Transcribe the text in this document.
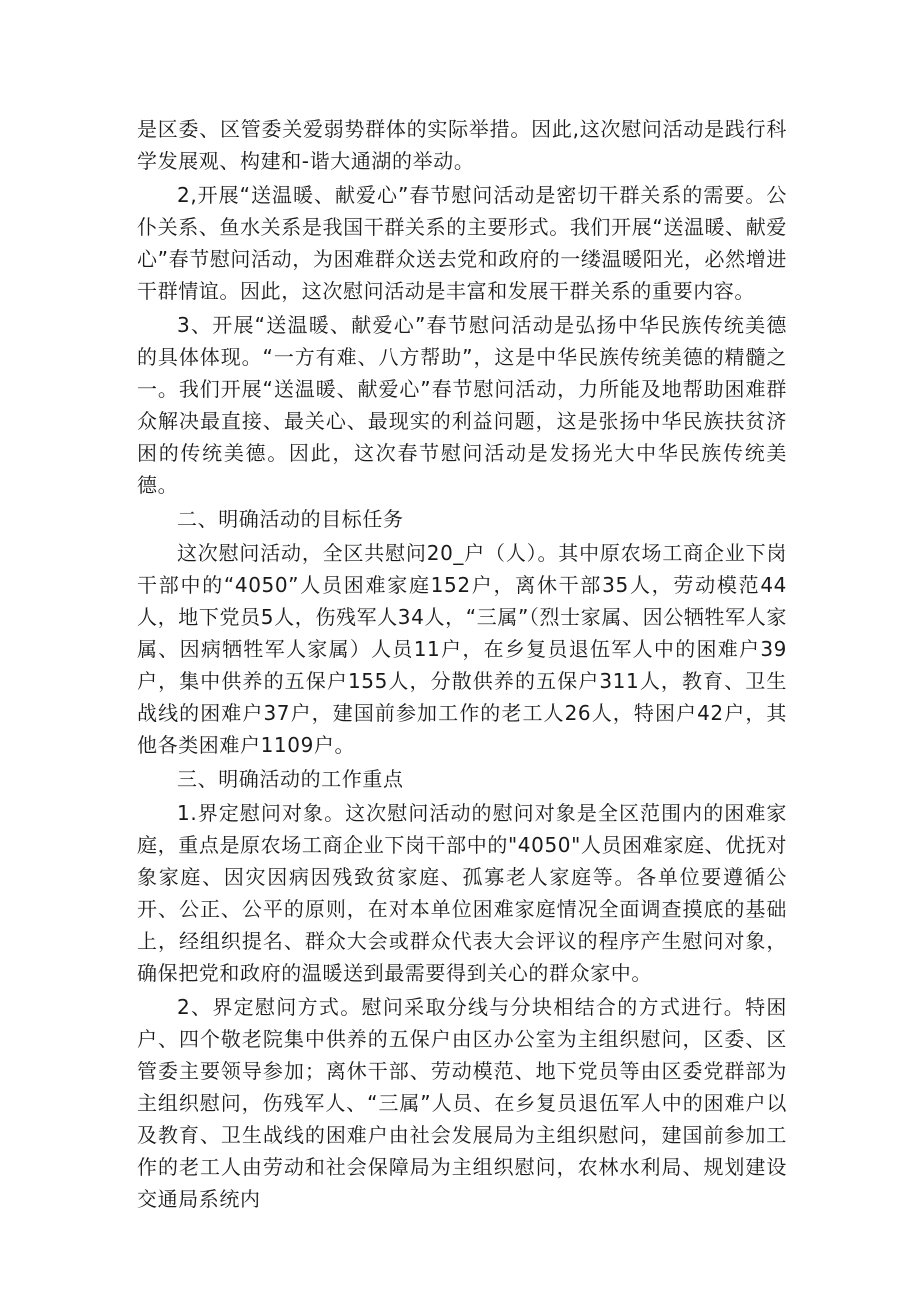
是区委、区管委关爱弱势群体的实际举措。因此,这次慰问活动是践行科学发展观、构建和-谐大通湖的举动。

2,开展“送温暖、献爱心”春节慰问活动是密切干群关系的需要。公仆关系、鱼水关系是我国干群关系的主要形式。我们开展“送温暖、献爱心”春节慰问活动，为困难群众送去党和政府的一缕温暖阳光，必然增进干群情谊。因此，这次慰问活动是丰富和发展干群关系的重要内容。

3、开展“送温暖、献爱心”春节慰问活动是弘扬中华民族传统美德的具体体现。“一方有难、八方帮助”，这是中华民族传统美德的精髓之一。我们开展“送温暖、献爱心”春节慰问活动，力所能及地帮助困难群众解决最直接、最关心、最现实的利益问题，这是张扬中华民族扶贫济困的传统美德。因此，这次春节慰问活动是发扬光大中华民族传统美德。

二、明确活动的目标任务

这次慰问活动，全区共慰问20_户（人）。其中原农场工商企业下岗干部中的“4050”人员困难家庭152户，离休干部35人，劳动模范44人，地下党员5人，伤残军人34人，“三属”（烈士家属、因公牺牲军人家属、因病牺牲军人家属）人员11户，在乡复员退伍军人中的困难户39户，集中供养的五保户155人，分散供养的五保户311人，教育、卫生战线的困难户37户，建国前参加工作的老工人26人，特困户42户，其他各类困难户1109户。

三、明确活动的工作重点

1.界定慰问对象。这次慰问活动的慰问对象是全区范围内的困难家庭，重点是原农场工商企业下岗干部中的"4050"人员困难家庭、优抚对象家庭、因灾因病因残致贫家庭、孤寡老人家庭等。各单位要遵循公开、公正、公平的原则，在对本单位困难家庭情况全面调查摸底的基础上，经组织提名、群众大会或群众代表大会评议的程序产生慰问对象，确保把党和政府的温暖送到最需要得到关心的群众家中。

2、界定慰问方式。慰问采取分线与分块相结合的方式进行。特困户、四个敬老院集中供养的五保户由区办公室为主组织慰问，区委、区管委主要领导参加；离休干部、劳动模范、地下党员等由区委党群部为主组织慰问，伤残军人、“三属”人员、在乡复员退伍军人中的困难户以及教育、卫生战线的困难户由社会发展局为主组织慰问，建国前参加工作的老工人由劳动和社会保障局为主组织慰问，农林水利局、规划建设交通局系统内
